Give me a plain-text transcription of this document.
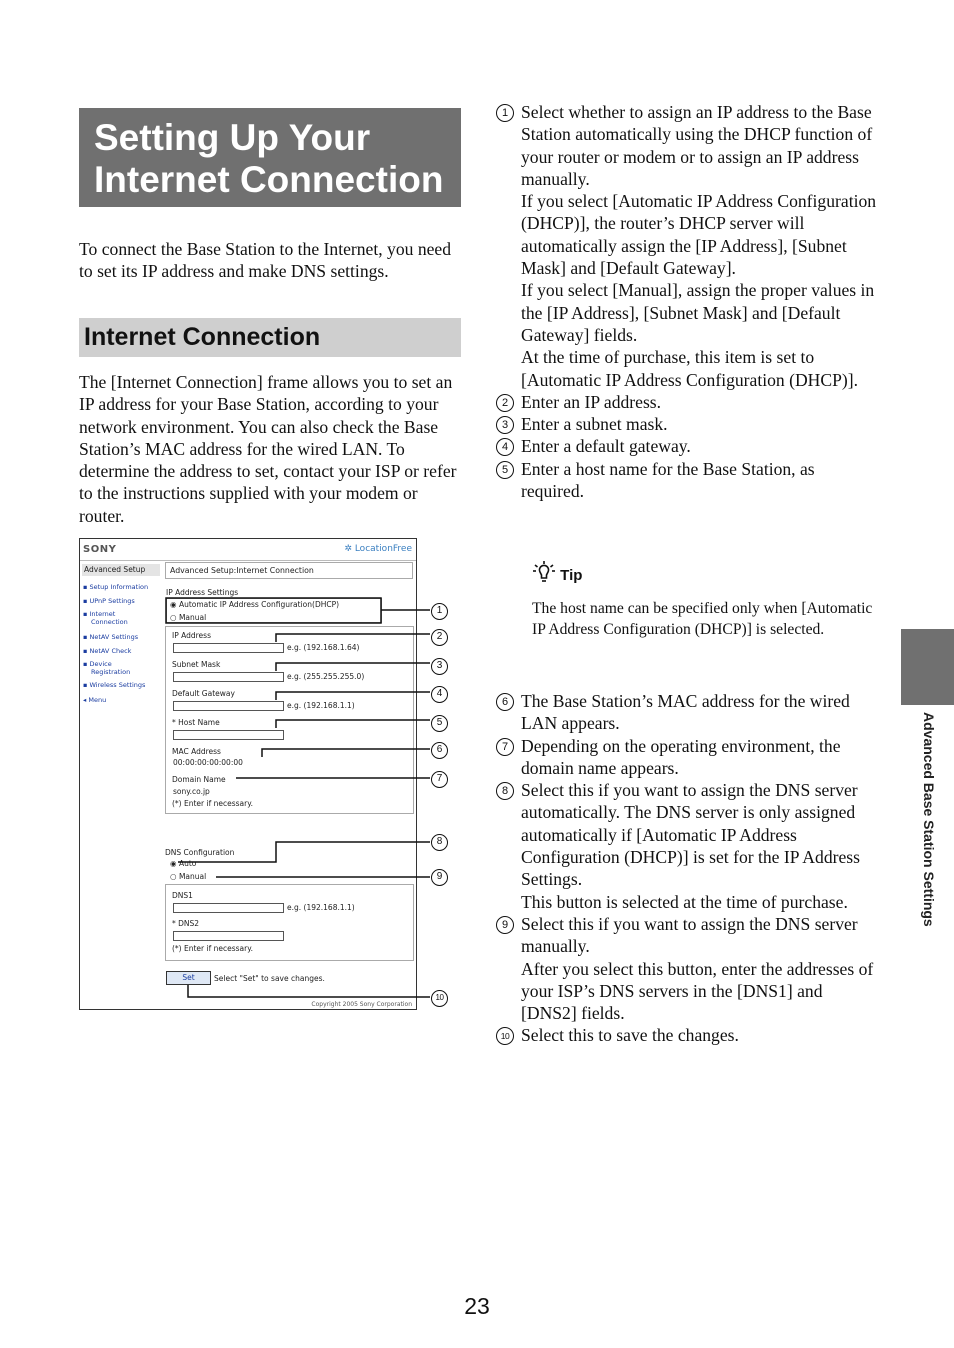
Setting Up Your Internet Connection
To connect the Base Station to the Internet, you need to set its IP address and make DNS settings.
Internet Connection
The [Internet Connection] frame allows you to set an IP address for your Base Station, according to your network environment. You can also check the Base Station’s MAC address for the wired LAN. To determine the address to set, contact your ISP or refer to the instructions supplied with your modem or router.
SONY	✲ LocationFree
Advanced Setup
▪ Setup Information
▪ UPnP Settings
▪ Internet Connection
▪ NetAV Settings
▪ NetAV Check
▪ Device Registration
▪ Wireless Settings
◂ Menu
Advanced Setup:Internet Connection
IP Address Settings
◉ Automatic IP Address Configuration(DHCP)
○ Manual
IP Address
e.g. (192.168.1.64)
Subnet Mask
e.g. (255.255.255.0)
Default Gateway
e.g. (192.168.1.1)
* Host Name
MAC Address
00:00:00:00:00:00
Domain Name
sony.co.jp
(*) Enter if necessary.
DNS Configuration
◉ Auto
○ Manual
DNS1
e.g. (192.168.1.1)
* DNS2
(*) Enter if necessary.
Set	Select "Set" to save changes.
Copyright 2005 Sony Corporation
1
2
3
4
5
6
7
8
9
10
1 Select whether to assign an IP address to the Base Station automatically using the DHCP function of your router or modem or to assign an IP address manually.
If you select [Automatic IP Address Configuration (DHCP)], the router’s DHCP server will automatically assign the [IP Address], [Subnet Mask] and [Default Gateway].
If you select [Manual], assign the proper values in the [IP Address], [Subnet Mask] and [Default Gateway] fields.
At the time of purchase, this item is set to [Automatic IP Address Configuration (DHCP)].
2 Enter an IP address.
3 Enter a subnet mask.
4 Enter a default gateway.
5 Enter a host name for the Base Station, as required.
Tip
The host name can be specified only when [Automatic IP Address Configuration (DHCP)] is selected.
6 The Base Station’s MAC address for the wired LAN appears.
7 Depending on the operating environment, the domain name appears.
8 Select this if you want to assign the DNS server automatically. The DNS server is only assigned automatically if [Automatic IP Address Configuration (DHCP)] is set for the IP Address Settings.
This button is selected at the time of purchase.
9 Select this if you want to assign the DNS server manually.
After you select this button, enter the addresses of your ISP’s DNS servers in the [DNS1] and [DNS2] fields.
10 Select this to save the changes.
Advanced Base Station Settings
23
